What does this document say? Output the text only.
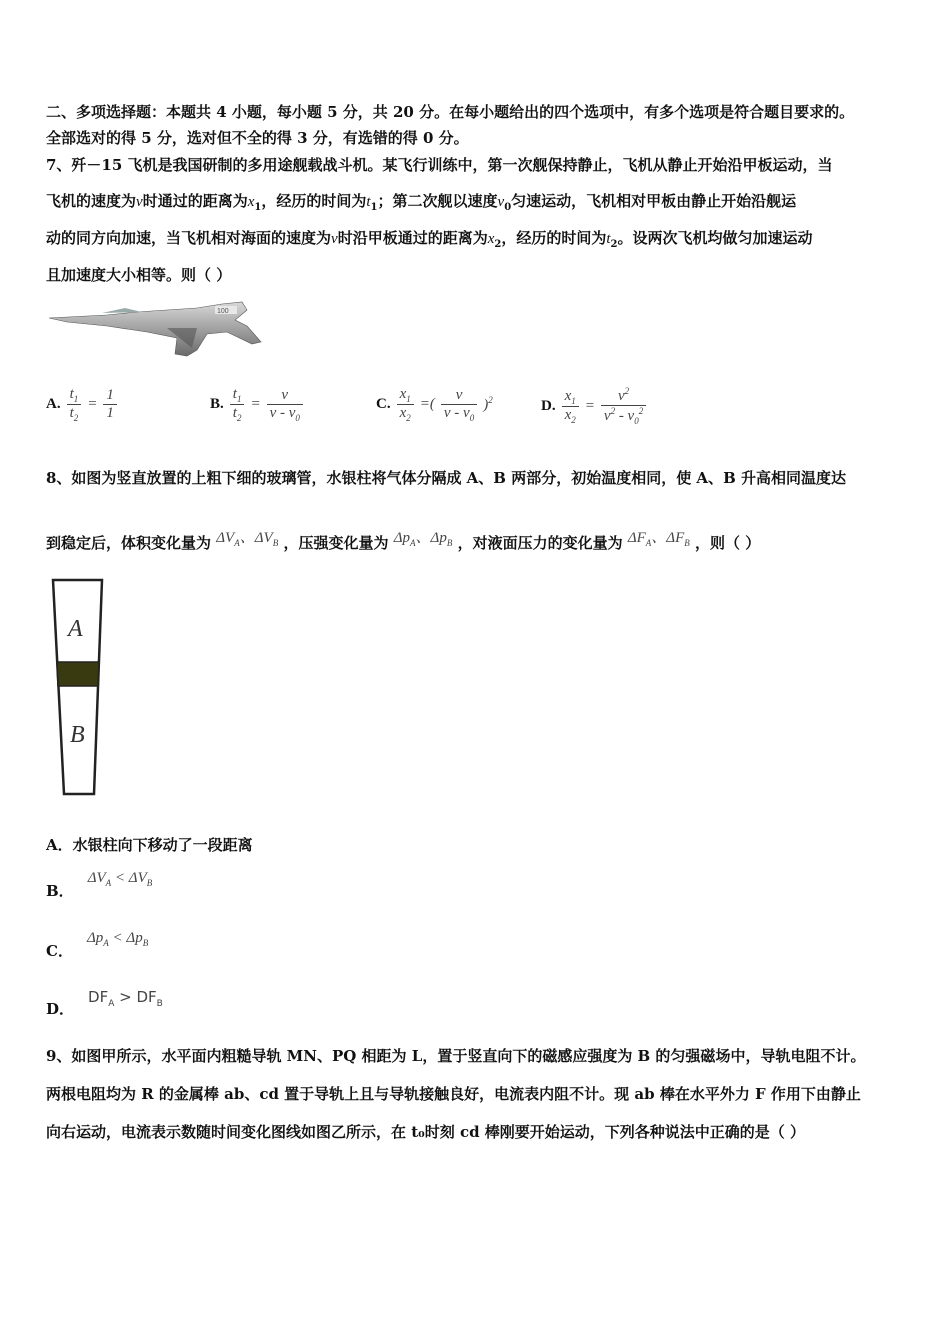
二、多项选择题：本题共 4 小题，每小题 5 分，共 20 分。在每小题给出的四个选项中，有多个选项是符合题目要求的。
全部选对的得 5 分，选对但不全的得 3 分，有选错的得 0 分。
7、歼－15 飞机是我国研制的多用途舰载战斗机。某飞行训练中，第一次舰保持静止，飞机从静止开始沿甲板运动，当
飞机的速度为v时通过的距离为$x_1$，经历的时间为$t_1$；第二次舰以速度$v_0$匀速运动，飞机相对甲板由静止开始沿舰运
动的同方向加速，当飞机相对海面的速度为v时沿甲板通过的距离为$x_2$，经历的时间为$t_2$。设两次飞机均做匀加速运动
且加速度大小相等。则（ ）
100
A. $\frac{t_1}{t_2} = \frac{1}{1}$	B. $\frac{t_1}{t_2} = \frac{v}{v - v_0}$	C. $\frac{x_1}{x_2}$ =( $\frac{v}{v - v_0} )^2$	D. $\frac{x_1}{x_2} = \frac{v^2}{v^2 - v_0^2}$
8、如图为竖直放置的上粗下细的玻璃管，水银柱将气体分隔成 A、B 两部分，初始温度相同，使 A、B 升高相同温度达
到稳定后，体积变化量为 $\Delta V_A$、$\Delta V_B$ ，压强变化量为 $\Delta p_A$、$\Delta p_B$ ，对液面压力的变化量为 $\Delta F_A$、$\Delta F_B$ ，则（ ）
A
B
A．水银柱向下移动了一段距离
B．
$\Delta V_A < \Delta V_B$
C．
$\Delta p_A < \Delta p_B$
D．
$DF_A > DF_B$
9、如图甲所示，水平面内粗糙导轨 MN、PQ 相距为 L，置于竖直向下的磁感应强度为 B 的匀强磁场中，导轨电阻不计。
两根电阻均为 R 的金属棒 ab、cd 置于导轨上且与导轨接触良好，电流表内阻不计。现 ab 棒在水平外力 F 作用下由静止
向右运动，电流表示数随时间变化图线如图乙所示，在 t₀时刻 cd 棒刚要开始运动，下列各种说法中正确的是（ ）
